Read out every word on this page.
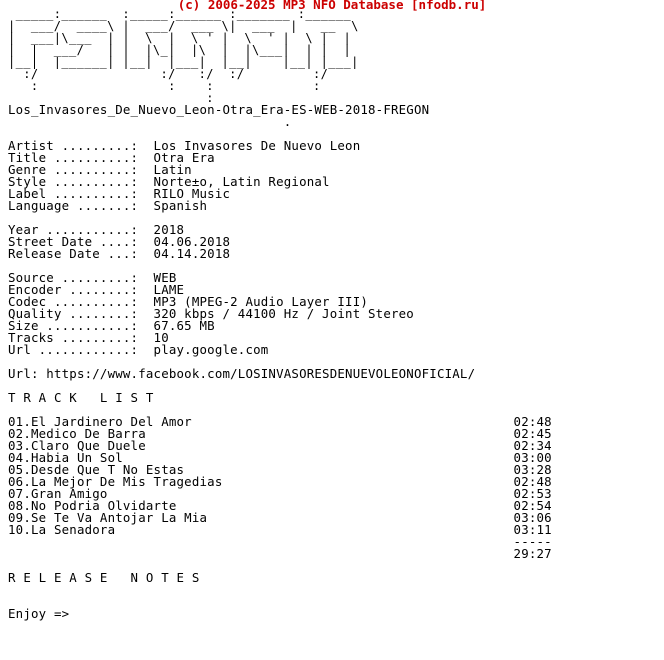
(c) 2006-2025 MP3 NFO Database [nfodb.ru]
_____:______  :_____:______ :_______ :______
|  ___/  ____\ |  ___/  ___ \|  ___  |   __  \
|  ___|\___  | |  \  |  \ ' |  \  ' |  \ |  |
|  |  ___/   | |  |\_|  |\  |  |\___|  | |  |
|__|  |______| |__|  |___|  |__|    |__| |___|
:/                :/   :/  :/         :/
:                 :    :             :
:

Los_Invasores_De_Nuevo_Leon-Otra_Era-ES-WEB-2018-FREGON
.

Artist .........:  Los Invasores De Nuevo Leon
Title ..........:  Otra Era
Genre ..........:  Latin
Style ..........:  Norte±o, Latin Regional
Label ..........:  RILO Music
Language .......:  Spanish

Year ...........:  2018
Street Date ....:  04.06.2018
Release Date ...:  04.14.2018

Source .........:  WEB
Encoder ........:  LAME
Codec ..........:  MP3 (MPEG-2 Audio Layer III)
Quality ........:  320 kbps / 44100 Hz / Joint Stereo
Size ...........:  67.65 MB
Tracks .........:  10
Url ............:  play.google.com

Url: https://www.facebook.com/LOSINVASORESDENUEVOLEONOFICIAL/

T R A C K   L I S T

01.El Jardinero Del Amor                                          02:48
02.Medico De Barra                                                02:45
03.Claro Que Duele                                                02:34
04.Habia Un Sol                                                   03:00
05.Desde Que T No Estas                                           03:28
06.La Mejor De Mis Tragedias                                      02:48
07.Gran Amigo                                                     02:53
08.No Podria Olvidarte                                            02:54
09.Se Te Va Antojar La Mia                                        03:06
10.La Senadora                                                    03:11
-----
29:27

R E L E A S E   N O T E S

Enjoy =>
